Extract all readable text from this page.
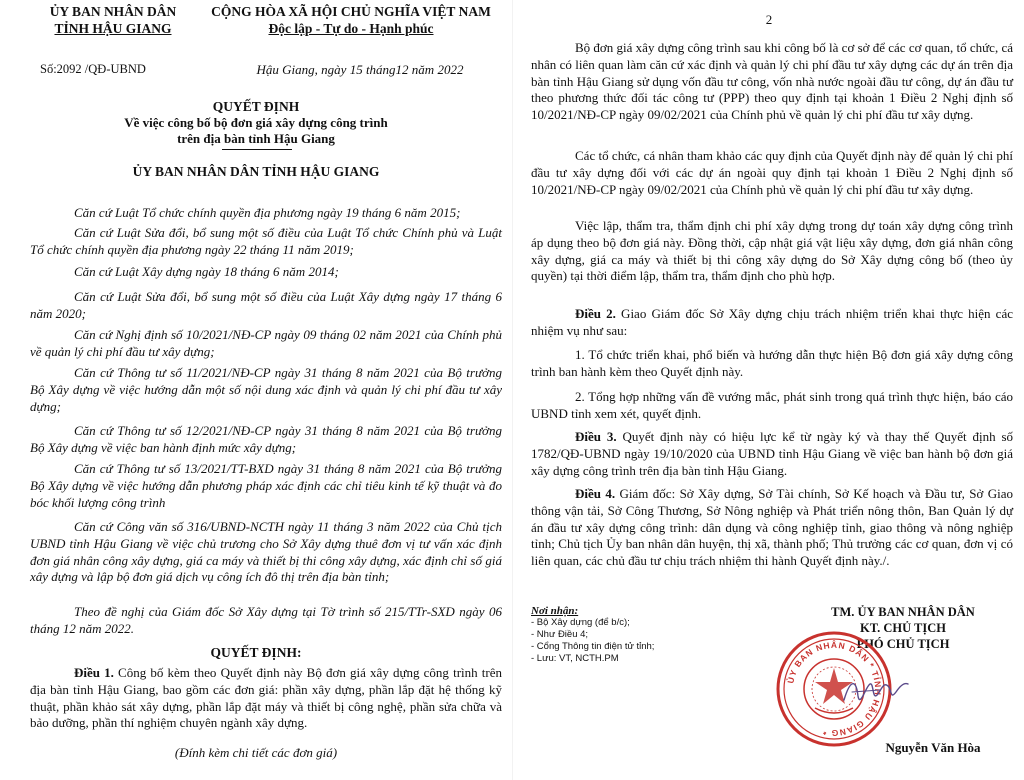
ỦY BAN NHÂN DÂN
TỈNH HẬU GIANG
Số:2092 /QĐ-UBND
CỘNG HÒA XÃ HỘI CHỦ NGHĨA VIỆT NAM
Độc lập - Tự do - Hạnh phúc
Hậu Giang, ngày 15 tháng12 năm 2022
QUYẾT ĐỊNH
Về việc công bố bộ đơn giá xây dựng công trình
trên địa bàn tỉnh Hậu Giang
ỦY BAN NHÂN DÂN TỈNH HẬU GIANG
Căn cứ Luật Tổ chức chính quyền địa phương ngày 19 tháng 6 năm 2015;
Căn cứ Luật Sửa đổi, bổ sung một số điều của Luật Tổ chức Chính phủ và Luật Tổ chức chính quyền địa phương ngày 22 tháng 11 năm 2019;
Căn cứ Luật Xây dựng ngày 18 tháng 6 năm 2014;
Căn cứ Luật Sửa đổi, bổ sung một số điều của Luật Xây dựng ngày 17 tháng 6 năm 2020;
Căn cứ Nghị định số 10/2021/NĐ-CP ngày 09 tháng 02 năm 2021 của Chính phủ về quản lý chi phí đầu tư xây dựng;
Căn cứ Thông tư số 11/2021/NĐ-CP ngày 31 tháng 8 năm 2021 của Bộ trưởng Bộ Xây dựng về việc hướng dẫn một số nội dung xác định và quản lý chi phí đầu tư xây dựng;
Căn cứ Thông tư số 12/2021/NĐ-CP ngày 31 tháng 8 năm 2021 của Bộ trưởng Bộ Xây dựng về việc ban hành định mức xây dựng;
Căn cứ Thông tư số 13/2021/TT-BXD ngày 31 tháng 8 năm 2021 của Bộ trưởng Bộ Xây dựng về việc hướng dẫn phương pháp xác định các chỉ tiêu kinh tế kỹ thuật và đo bóc khối lượng công trình
Căn cứ Công văn số 316/UBND-NCTH ngày 11 tháng 3 năm 2022 của Chủ tịch UBND tỉnh Hậu Giang về việc chủ trương cho Sở Xây dựng thuê đơn vị tư vấn xác định đơn giá nhân công xây dựng, giá ca máy và thiết bị thi công xây dựng, xác định chỉ số giá xây dựng và lập bộ đơn giá dịch vụ công ích đô thị trên địa bàn tỉnh;
Theo đề nghị của Giám đốc Sở Xây dựng tại Tờ trình số 215/TTr-SXD ngày 06 tháng 12 năm 2022.
QUYẾT ĐỊNH:
Điều 1. Công bố kèm theo Quyết định này Bộ đơn giá xây dựng công trình trên địa bàn tỉnh Hậu Giang, bao gồm các đơn giá: phần xây dựng, phần lắp đặt hệ thống kỹ thuật, phần khảo sát xây dựng, phần lắp đặt máy và thiết bị công nghệ, phần sửa chữa và bảo dưỡng, phần thí nghiệm chuyên ngành xây dựng.
(Đính kèm chi tiết các đơn giá)
2
Bộ đơn giá xây dựng công trình sau khi công bố là cơ sở để các cơ quan, tổ chức, cá nhân có liên quan làm căn cứ xác định và quản lý chi phí đầu tư xây dựng các dự án trên địa bàn tỉnh Hậu Giang sử dụng vốn đầu tư công, vốn nhà nước ngoài đầu tư công, dự án đầu tư theo phương thức đối tác công tư (PPP) theo quy định tại khoản 1 Điều 2 Nghị định số 10/2021/NĐ-CP ngày 09/02/2021 của Chính phủ về quản lý chi phí đầu tư xây dựng.
Các tổ chức, cá nhân tham khảo các quy định của Quyết định này để quản lý chi phí đầu tư xây dựng đối với các dự án ngoài quy định tại khoản 1 Điều 2 Nghị định số 10/2021/NĐ-CP ngày 09/02/2021 của Chính phủ về quản lý chi phí đầu tư xây dựng.
Việc lập, thẩm tra, thẩm định chi phí xây dựng trong dự toán xây dựng công trình áp dụng theo bộ đơn giá này. Đồng thời, cập nhật giá vật liệu xây dựng, đơn giá nhân công xây dựng, giá ca máy và thiết bị thi công xây dựng do Sở Xây dựng công bố (theo ủy quyền) tại thời điểm lập, thẩm tra, thẩm định cho phù hợp.
Điều 2. Giao Giám đốc Sở Xây dựng chịu trách nhiệm triển khai thực hiện các nhiệm vụ như sau:
1. Tổ chức triển khai, phổ biến và hướng dẫn thực hiện Bộ đơn giá xây dựng công trình ban hành kèm theo Quyết định này.
2. Tổng hợp những vấn đề vướng mắc, phát sinh trong quá trình thực hiện, báo cáo UBND tỉnh xem xét, quyết định.
Điều 3. Quyết định này có hiệu lực kể từ ngày ký và thay thế Quyết định số 1782/QĐ-UBND ngày 19/10/2020 của UBND tỉnh Hậu Giang về việc ban hành bộ đơn giá xây dựng công trình trên địa bàn tỉnh Hậu Giang.
Điều 4. Giám đốc: Sở Xây dựng, Sở Tài chính, Sở Kế hoạch và Đầu tư, Sở Giao thông vận tải, Sở Công Thương, Sở Nông nghiệp và Phát triển nông thôn, Ban Quản lý dự án đầu tư xây dựng công trình: dân dụng và công nghiệp tỉnh, giao thông và nông nghiệp tỉnh; Chủ tịch Ủy ban nhân dân huyện, thị xã, thành phố; Thủ trưởng các cơ quan, đơn vị có liên quan, các chủ đầu tư chịu trách nhiệm thi hành Quyết định này./.
Nơi nhận:
- Bộ Xây dựng (để b/c);
- Như Điều 4;
- Cổng Thông tin điện tử tỉnh;
- Lưu: VT, NCTH.PM
TM. ỦY BAN NHÂN DÂN
KT. CHỦ TỊCH
PHÓ CHỦ TỊCH
Nguyễn Văn Hòa
ỦY BAN NHÂN DÂN * TỈNH HẬU GIANG *
